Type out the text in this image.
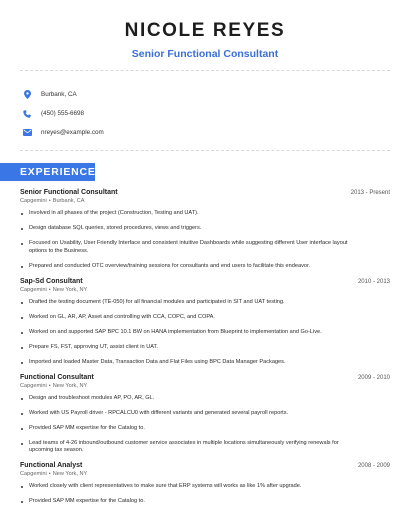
NICOLE REYES
Senior Functional Consultant
Burbank, CA
(450) 555-6698
nreyes@example.com
EXPERIENCE
Senior Functional Consultant	2013 - Present
Capgemini • Burbank, CA
Involved in all phases of the project (Construction, Testing and UAT).
Design database SQL queries, stored procedures, views and triggers.
Focused on Usability, User Friendly Interface and consistent intuitive Dashboards while suggesting different User interface layout options to the Business.
Prepared and conducted OTC overview/training sessions for consultants and end users to facilitate this endeavor.
Sap-Sd Consultant	2010 - 2013
Capgemini • New York, NY
Drafted the testing document (TE-050) for all financial modules and participated in SIT and UAT testing.
Worked on GL, AR, AP, Asset and controlling with CCA, COPC, and COPA.
Worked on and supported SAP BPC 10.1 BW on HANA implementation from Blueprint to implementation and Go-Live.
Prepare FS, FST, approving UT, assist client in UAT.
Imported and loaded Master Data, Transaction Data and Flat Files using BPC Data Manager Packages.
Functional Consultant	2009 - 2010
Capgemini • New York, NY
Design and troubleshoot modules AP, PO, AR, GL.
Worked with US Payroll driver - RPCALCU0 with different variants and generated several payroll reports.
Provided SAP MM expertise for the Catalog to.
Lead teams of 4-26 inbound/outbound customer service associates in multiple locations simultaneously verifying renewals for upcoming tax season.
Functional Analyst	2008 - 2009
Capgemini • New York, NY
Worked closely with client representatives to make sure that ERP systems will works as like 1% after upgrade.
Provided SAP MM expertise for the Catalog to.
